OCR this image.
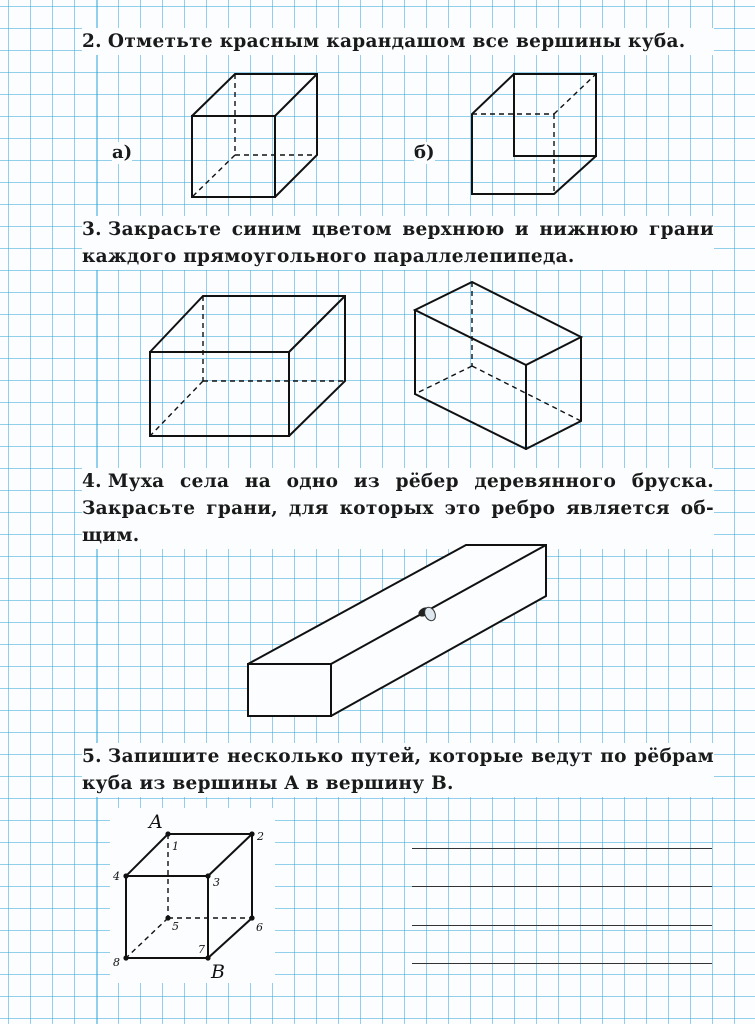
2. Отметьте красным карандашом все вершины куба.
а)	б)
3. Закрасьте синим цветом верхнюю и нижнюю грани каждого прямоугольного параллелепипеда.
4. Муха села на одно из рёбер деревянного бруска. Закрасьте грани, для которых это ребро является об-щим.
5. Запишите несколько путей, которые ведут по рёбрам куба из вершины A в вершину B.
A
B
1
2
3
4
5	6
7
8
